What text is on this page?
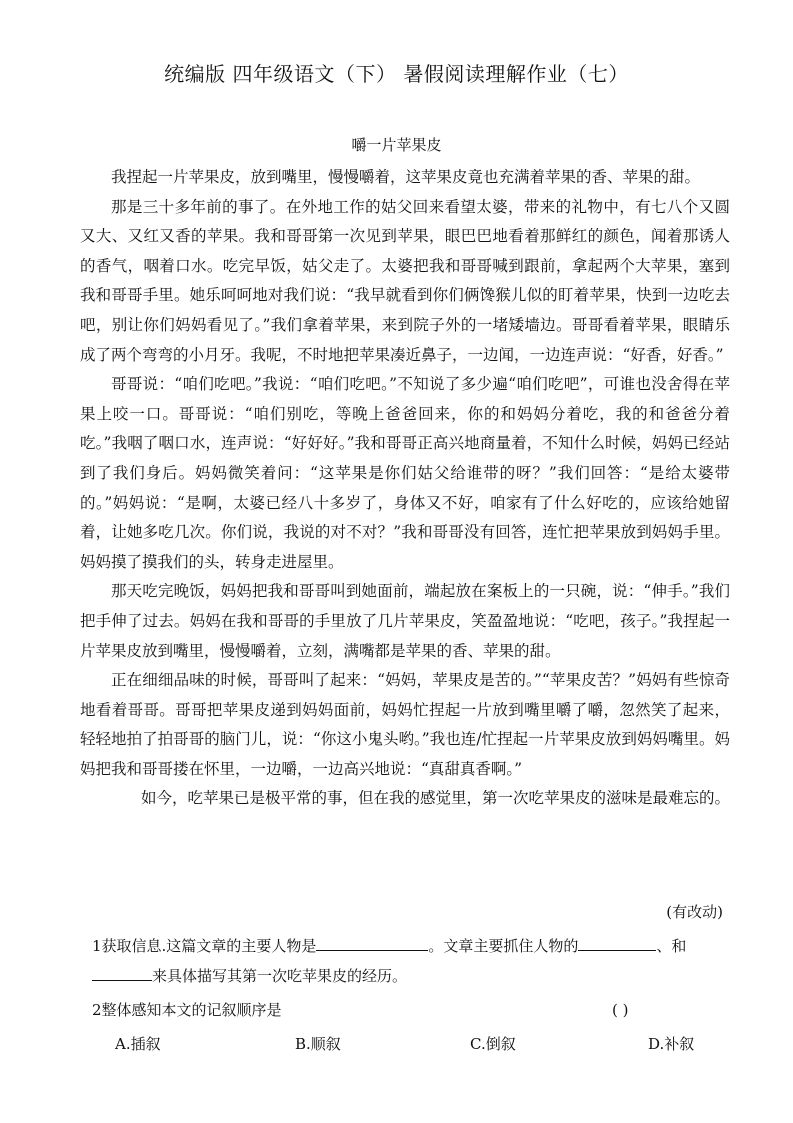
统编版 四年级语文（下） 暑假阅读理解作业（七）
嚼一片苹果皮

我捏起一片苹果皮，放到嘴里，慢慢嚼着，这苹果皮竟也充满着苹果的香、苹果的甜。

那是三十多年前的事了。在外地工作的姑父回来看望太婆，带来的礼物中，有七八个又圆又大、又红又香的苹果。我和哥哥第一次见到苹果，眼巴巴地看着那鲜红的颜色，闻着那诱人的香气，咽着口水。吃完早饭，姑父走了。太婆把我和哥哥喊到跟前，拿起两个大苹果，塞到我和哥哥手里。她乐呵呵地对我们说：“我早就看到你们俩馋猴儿似的盯着苹果，快到一边吃去吧，别让你们妈妈看见了。”我们拿着苹果，来到院子外的一堵矮墙边。哥哥看着苹果，眼睛乐成了两个弯弯的小月牙。我呢，不时地把苹果凑近鼻子，一边闻，一边连声说：“好香，好香。”

哥哥说：“咱们吃吧。”我说：“咱们吃吧。”不知说了多少遍“咱们吃吧”，可谁也没舍得在苹果上咬一口。哥哥说：“咱们别吃，等晚上爸爸回来，你的和妈妈分着吃，我的和爸爸分着吃。”我咽了咽口水，连声说：“好好好。”我和哥哥正高兴地商量着，不知什么时候，妈妈已经站到了我们身后。妈妈微笑着问：“这苹果是你们姑父给谁带的呀？”我们回答：“是给太婆带的。”妈妈说：“是啊，太婆已经八十多岁了，身体又不好，咱家有了什么好吃的，应该给她留着，让她多吃几次。你们说，我说的对不对？”我和哥哥没有回答，连忙把苹果放到妈妈手里。妈妈摸了摸我们的头，转身走进屋里。

那天吃完晚饭，妈妈把我和哥哥叫到她面前，端起放在案板上的一只碗，说：“伸手。”我们把手伸了过去。妈妈在我和哥哥的手里放了几片苹果皮，笑盈盈地说：“吃吧，孩子。”我捏起一片苹果皮放到嘴里，慢慢嚼着，立刻，满嘴都是苹果的香、苹果的甜。

正在细细品味的时候，哥哥叫了起来：“妈妈，苹果皮是苦的。”“苹果皮苦？”妈妈有些惊奇地看着哥哥。哥哥把苹果皮递到妈妈面前，妈妈忙捏起一片放到嘴里嚼了嚼，忽然笑了起来，轻轻地拍了拍哥哥的脑门儿，说：“你这小鬼头哟。”我也连/忙捏起一片苹果皮放到妈妈嘴里。妈妈把我和哥哥搂在怀里，一边嚼，一边高兴地说：“真甜真香啊。”

如今，吃苹果已是极平常的事，但在我的感觉里，第一次吃苹果皮的滋味是最难忘的。

(有改动)
1获取信息.这篇文章的主要人物是	。文章主要抓住人物的	、和来具体描写其第一次吃苹果皮的经历。
2整体感知本文的记叙顺序是	( )
A.插叙	B.顺叙	C.倒叙	D.补叙
